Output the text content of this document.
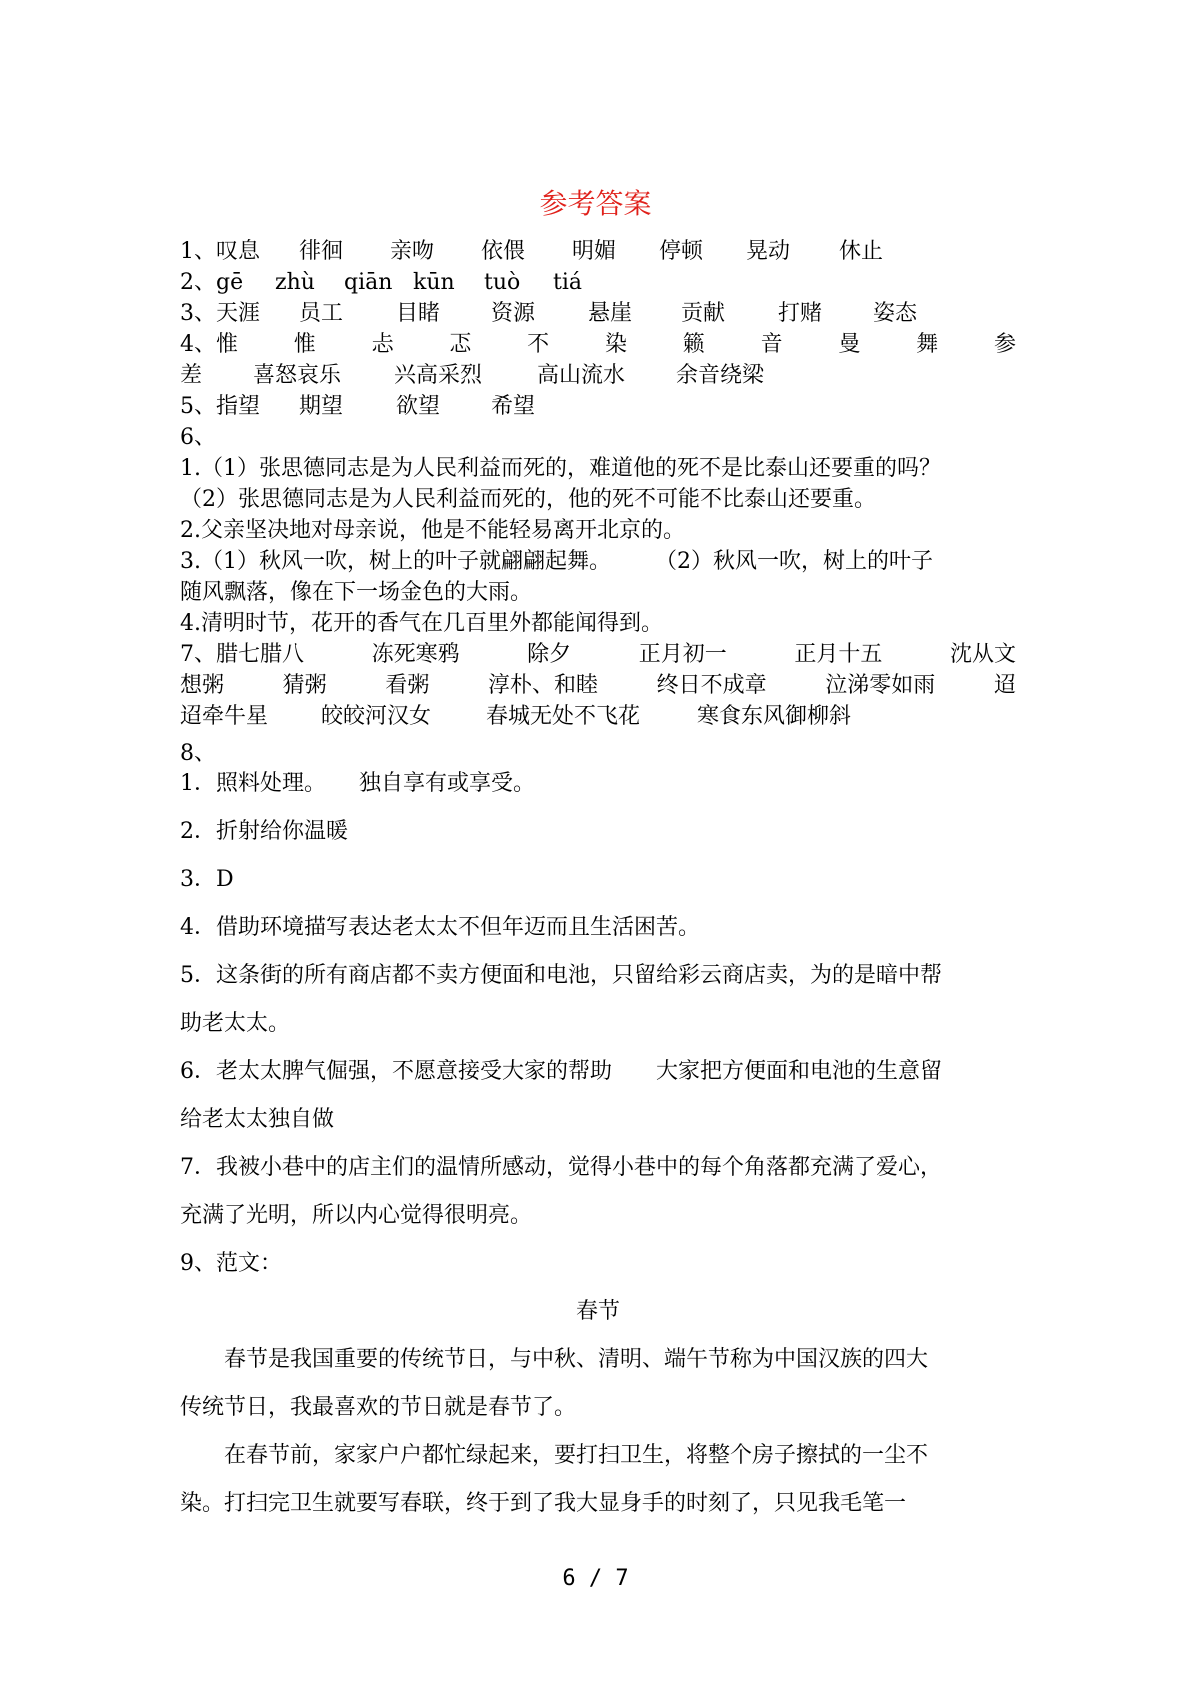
参考答案
1、叹息 徘徊 亲吻 依偎 明媚 停顿 晃动 休止
2、gē zhù qiān kūn tuò tiá
3、天涯 员工 目睹 资源 悬崖 贡献 打赌 姿态
4、惟	惟	忐	忑	不	染	籁	音	曼	舞	参
差 喜怒哀乐 兴高采烈 高山流水 余音绕梁
5、指望 期望 欲望 希望
6、
1.（1）张思德同志是为人民利益而死的，难道他的死不是比泰山还要重的吗？
（2）张思德同志是为人民利益而死的，他的死不可能不比泰山还要重。
2.父亲坚决地对母亲说，他是不能轻易离开北京的。
3.（1）秋风一吹，树上的叶子就翩翩起舞。　　　（2）秋风一吹，树上的叶子
随风飘落，像在下一场金色的大雨。
4.清明时节，花开的香气在几百里外都能闻得到。
7、腊七腊八	冻死寒鸦	除夕	正月初一	正月十五	沈从文
想粥	猜粥	看粥	淳朴、和睦	终日不成章	泣涕零如雨	迢
迢牵牛星 皎皎河汉女 春城无处不飞花	寒食东风御柳斜
8、
1．照料处理。　　独自享有或享受。
2．折射给你温暖
3．D
4．借助环境描写表达老太太不但年迈而且生活困苦。
5．这条街的所有商店都不卖方便面和电池，只留给彩云商店卖，为的是暗中帮
助老太太。
6．老太太脾气倔强，不愿意接受大家的帮助　　大家把方便面和电池的生意留
给老太太独自做
7．我被小巷中的店主们的温情所感动，觉得小巷中的每个角落都充满了爱心，
充满了光明，所以内心觉得很明亮。
9、范文：
春节
春节是我国重要的传统节日，与中秋、清明、端午节称为中国汉族的四大
传统节日，我最喜欢的节日就是春节了。
在春节前，家家户户都忙绿起来，要打扫卫生，将整个房子擦拭的一尘不
染。打扫完卫生就要写春联，终于到了我大显身手的时刻了，只见我毛笔一
6 / 7
